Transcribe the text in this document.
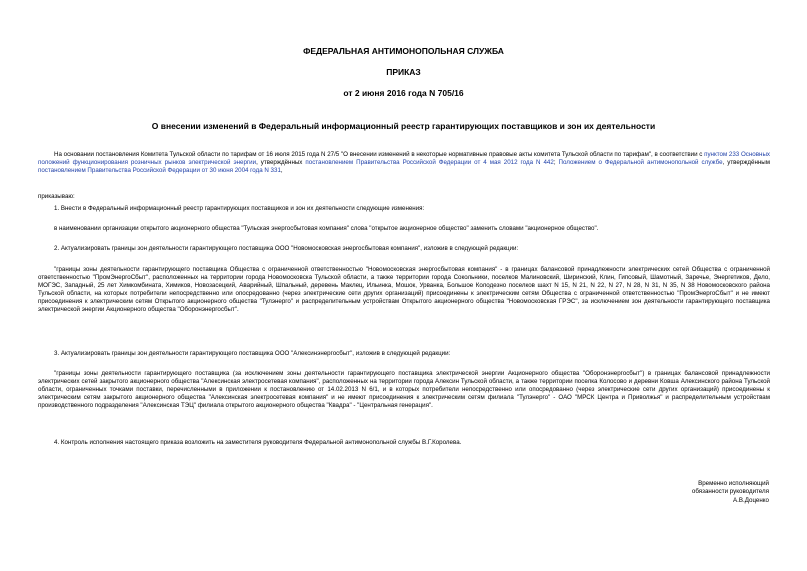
ФЕДЕРАЛЬНАЯ АНТИМОНОПОЛЬНАЯ СЛУЖБА
ПРИКАЗ
от 2 июня 2016 года N 705/16
О внесении изменений в Федеральный информационный реестр гарантирующих поставщиков и зон их деятельности
На основании постановления Комитета Тульской области по тарифам от 16 июля 2015 года N 27/5 "О внесении изменений в некоторые нормативные правовые акты комитета Тульской области по тарифам", в соответствии с пунктом 233 Основных положений функционирования розничных рынков электрической энергии, утверждённых постановлением Правительства Российской Федерации от 4 мая 2012 года N 442; Положением о Федеральной антимонопольной службе, утверждённым постановлением Правительства Российской Федерации от 30 июня 2004 года N 331,
приказываю:
1. Внести в Федеральный информационный реестр гарантирующих поставщиков и зон их деятельности следующие изменения:
в наименовании организации открытого акционерного общества "Тульская энергосбытовая компания" слова "открытое акционерное общество" заменить словами "акционерное общество".
2. Актуализировать границы зон деятельности гарантирующего поставщика ООО "Новомосковская энергосбытовая компания", изложив в следующей редакции:
"границы зоны деятельности гарантирующего поставщика Общества с ограниченной ответственностью "Новомосковская энергосбытовая компания" - в границах балансовой принадлежности электрических сетей Общества с ограниченной ответственностью "ПромЭнергоСбыт", расположенных на территории города Новомосковска Тульской области, а также территории города Сокольники, поселков Малиновский, Ширинский, Клин, Гипсовый, Шамотный, Заречье, Энергетиков, Дело, МОГЭС, Западный, 25 лет Химкомбината, Химиков, Новозасецкий, Аварийный, Шпальный, деревень Маклец, Ильинка, Мошок, Урванка, Большое Колодезно поселков шахт N 15, N 21, N 22, N 27, N 28, N 31, N 35, N 38 Новомосковского района Тульской области, на которых потребители непосредственно или опосредованно (через электрические сети других организаций) присоединены к электрическим сетям Общества с ограниченной ответственностью "ПромЭнергоСбыт" и не имеют присоединения к электрическим сетям Открытого акционерного общества "Тулэнерго" и распределительным устройствам Открытого акционерного общества "Новомосковская ГРЭС", за исключением зон деятельности гарантирующего поставщика электрической энергии Акционерного общества "Оборонэнергосбыт".
3. Актуализировать границы зон деятельности гарантирующего поставщика ООО "Алексинэнергосбыт", изложив в следующей редакции:
"границы зоны деятельности гарантирующего поставщика (за исключением зоны деятельности гарантирующего поставщика электрической энергии Акционерного общества "Оборонэнергосбыт") в границах балансовой принадлежности электрических сетей закрытого акционерного общества "Алексинская электросетевая компания", расположенных на территории города Алексин Тульской области, а также территории поселка Колосово и деревни Ковша Алексинского района Тульской области, ограниченных точками поставки, перечисленными в приложении к постановлению от 14.02.2013 N 6/1, и в которых потребители непосредственно или опосредованно (через электрические сети других организаций) присоединены к электрическим сетям закрытого акционерного общества "Алексинская электросетевая компания" и не имеют присоединения к электрическим сетям филиала "Тулэнерго" - ОАО "МРСК Центра и Приволжья" и распределительным устройствам производственного подразделения "Алексинская ТЭЦ" филиала открытого акционерного общества "Квадра" - "Центральная генерация".
4. Контроль исполнения настоящего приказа возложить на заместителя руководителя Федеральной антимонопольной службы В.Г.Королева.
Временно исполняющий
обязанности руководителя
А.В.Доценко
